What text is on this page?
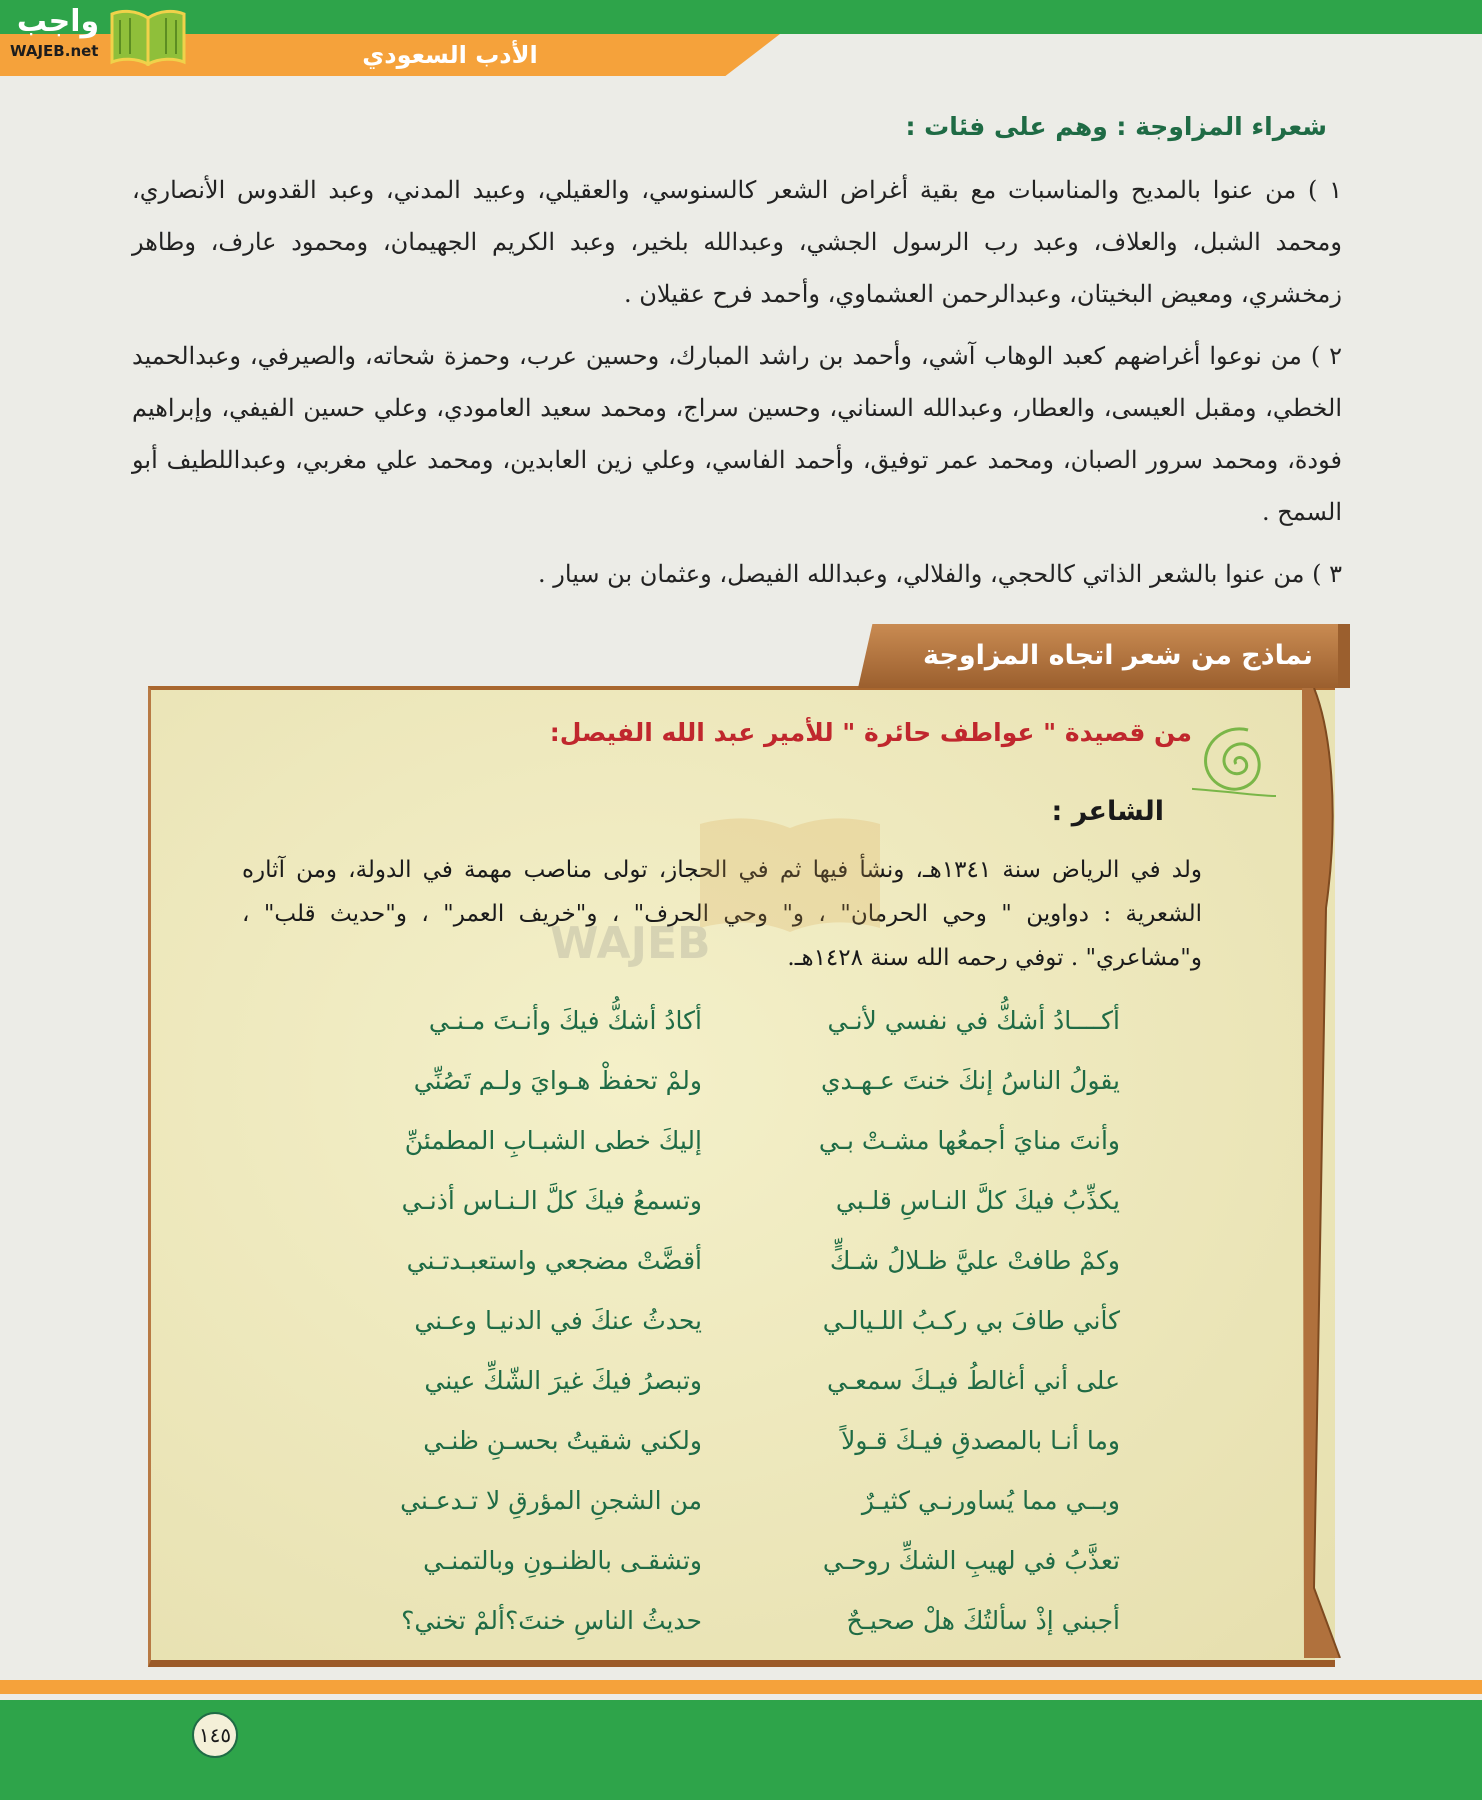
الأدب السعودي
واجب
WAJEB.net
شعراء المزاوجة : وهم على فئات :
١ ) من عنوا بالمديح والمناسبات مع بقية أغراض الشعر كالسنوسي، والعقيلي، وعبيد المدني، وعبد القدوس الأنصاري، ومحمد الشبل، والعلاف، وعبد رب الرسول الجشي، وعبدالله بلخير، وعبد الكريم الجهيمان، ومحمود عارف، وطاهر زمخشري، ومعيض البخيتان، وعبدالرحمن العشماوي، وأحمد فرح عقيلان .
٢ ) من نوعوا أغراضهم كعبد الوهاب آشي، وأحمد بن راشد المبارك، وحسين عرب، وحمزة شحاته، والصيرفي، وعبدالحميد الخطي، ومقبل العيسى، والعطار، وعبدالله السناني، وحسين سراج، ومحمد سعيد العامودي، وعلي حسين الفيفي، وإبراهيم فودة، ومحمد سرور الصبان، ومحمد عمر توفيق، وأحمد الفاسي، وعلي زين العابدين، ومحمد علي مغربي، وعبداللطيف أبو السمح .
٣ ) من عنوا بالشعر الذاتي كالحجي، والفلالي، وعبدالله الفيصل، وعثمان بن سيار .
نماذج من شعر اتجاه المزاوجة
من قصيدة " عواطف حائرة " للأمير عبد الله الفيصل:
الشاعر :
ولد في الرياض سنة ١٣٤١هـ، ونشأ فيها ثم في الحجاز، تولى مناصب مهمة في الدولة، ومن آثاره الشعرية : دواوين " وحي الحرمان" ، و" وحي الحرف" ، و"خريف العمر" ، و"حديث قلب" ، و"مشاعري" . توفي رحمه الله سنة ١٤٢٨هـ.
WAJEB
أكــــادُ أشكُّ في نفسي لأنـي
أكادُ أشكُّ فيكَ وأنـتَ مـنـي
يقولُ الناسُ إنكَ خنتَ عـهـدي
ولمْ تحفظْ هـوايَ ولـم تَصُنِّي
وأنتَ منايَ أجمعُها مشـتْ بـي
إليكَ خطى الشبـابِ المطمئنِّ
يكذِّبُ فيكَ كلَّ النـاسِ قلـبي
وتسمعُ فيكَ كلَّ الـنـاس أذنـي
وكمْ طافتْ عليَّ ظـلالُ شـكٍّ
أقضَّتْ مضجعي واستعبـدتـني
كأني طافَ بي ركـبُ اللـيالـي
يحدثُ عنكَ في الدنيـا وعـني
على أني أغالطُ فيـكَ سمعـي
وتبصرُ فيكَ غيرَ الشّكِّ عيني
وما أنـا بالمصدقِ فيـكَ قـولاً
ولكني شقيتُ بحسـنِ ظنـي
وبــي مما يُساورنـي كثيـرٌ
من الشجنِ المؤرقِ لا تـدعـني
تعذَّبُ في لهيبِ الشكِّ روحـي
وتشقـى بالظنـونِ وبالتمنـي
أجبني إذْ سألتُكَ هلْ صحيـحٌ
حديثُ الناسِ خنتَ؟ألمْ تخني؟
١٤٥
